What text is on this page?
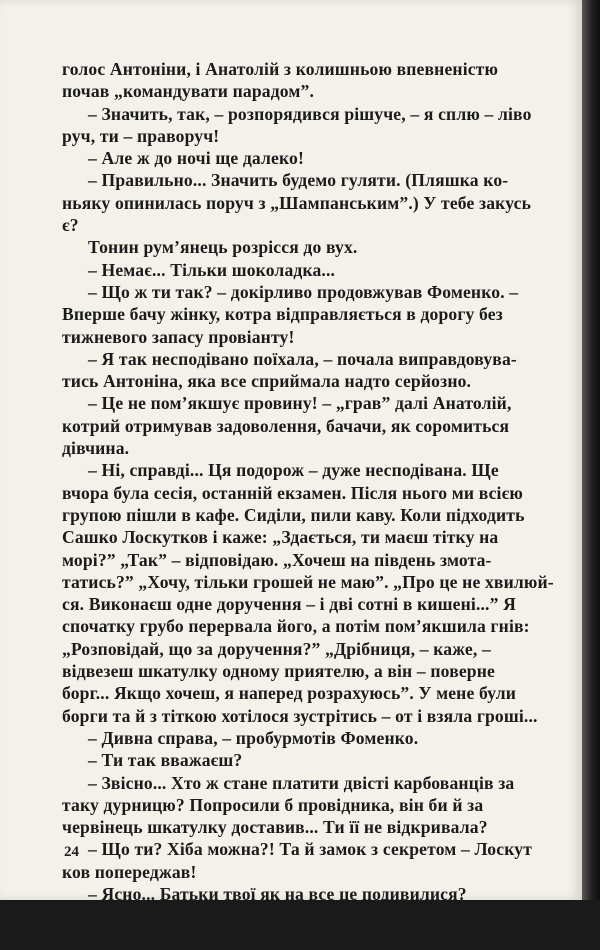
голос Антоніни, і Анатолій з колишньою впевненістю
почав „командувати парадом”.
– Значить, так, – розпорядився рішуче, – я сплю – ліво
руч, ти – праворуч!
– Але ж до ночі ще далеко!
– Правильно... Значить будемо гуляти. (Пляшка ко-
ньяку опинилась поруч з „Шампанським”.) У тебе закусь
є?
Тонин рум’янець розрісся до вух.
– Немає... Тільки шоколадка...
– Що ж ти так? – докірливо продовжував Фоменко. –
Вперше бачу жінку, котра відправляється в дорогу без
тижневого запасу провіанту!
– Я так несподівано поїхала, – почала виправдовува-
тись Антоніна, яка все сприймала надто серйозно.
– Це не пом’якшує провину! – „грав” далі Анатолій,
котрий отримував задоволення, бачачи, як соромиться
дівчина.
– Ні, справді... Ця подорож – дуже несподівана. Ще
вчора була сесія, останній екзамен. Після нього ми всією
групою пішли в кафе. Сиділи, пили каву. Коли підходить
Сашко Лоскутков і каже: „Здається, ти маєш тітку на
морі?” „Так” – відповідаю. „Хочеш на південь змота-
татись?” „Хочу, тільки грошей не маю”. „Про це не хвилюй-
ся. Виконаєш одне доручення – і дві сотні в кишені...” Я
спочатку грубо перервала його, а потім пом’якшила гнів:
„Розповідай, що за доручення?” „Дрібниця, – каже, –
відвезеш шкатулку одному приятелю, а він – поверне
борг... Якщо хочеш, я наперед розрахуюсь”. У мене були
борги та й з тіткою хотілося зустрітись – от і взяла гроші...
– Дивна справа, – пробурмотів Фоменко.
– Ти так вважаєш?
– Звісно... Хто ж стане платити двісті карбованців за
таку дурницю? Попросили б провідника, він би й за
червінець шкатулку доставив... Ти її не відкривала?
– Що ти? Хіба можна?! Та й замок з секретом – Лоскут
ков попереджав!
– Ясно... Батьки твої як на все це подивилися?
Тоня зітхнула:
– У тому то й річ, що немає у мене нікого. Окрім тітки.
24
